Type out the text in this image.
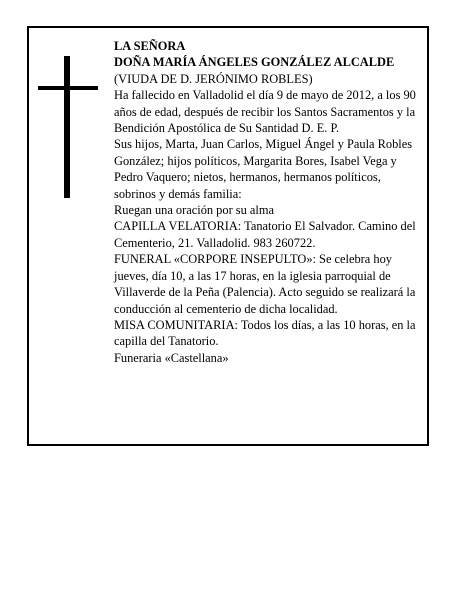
LA SEÑORA

DOÑA MARÍA ÁNGELES GONZÁLEZ ALCALDE

(VIUDA DE D. JERÓNIMO ROBLES)

Ha fallecido en Valladolid el día 9 de mayo de 2012, a los 90 años de edad, después de recibir los Santos Sacramentos y la Bendición Apostólica de Su Santidad D. E. P.

Sus hijos, Marta, Juan Carlos, Miguel Ángel y Paula Robles González; hijos políticos, Margarita Bores, Isabel Vega y Pedro Vaquero; nietos, hermanos, hermanos políticos, sobrinos y demás familia:

Ruegan una oración por su alma

CAPILLA VELATORIA: Tanatorio El Salvador. Camino del Cementerio, 21. Valladolid. 983 260722.

FUNERAL «CORPORE INSEPULTO»: Se celebra hoy jueves, día 10, a las 17 horas, en la iglesia parroquial de Villaverde de la Peña (Palencia). Acto seguido se realizará la conducción al cementerio de dicha localidad.

MISA COMUNITARIA: Todos los días, a las 10 horas, en la capilla del Tanatorio.

Funeraria «Castellana»
